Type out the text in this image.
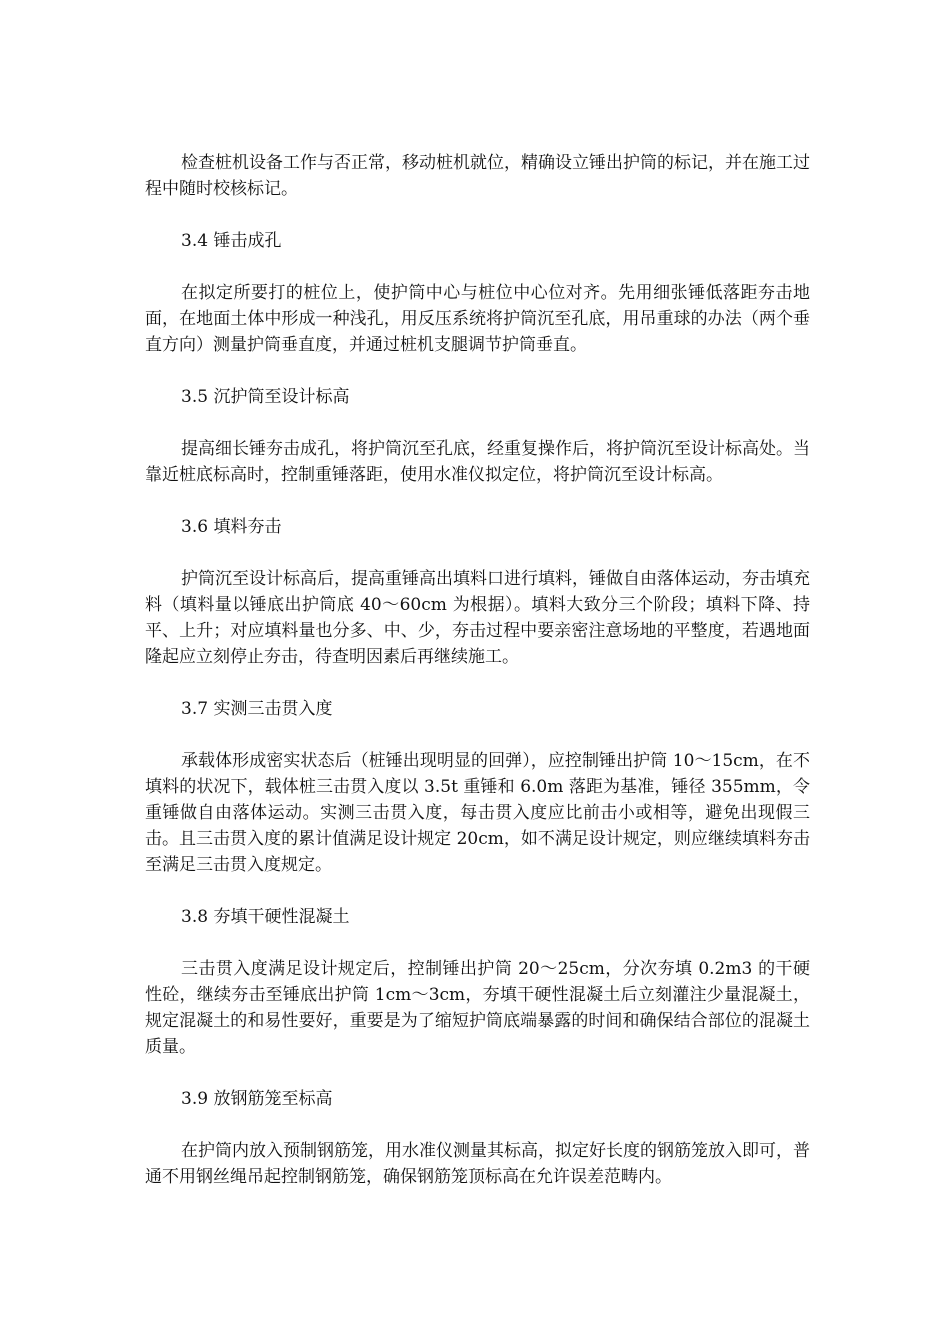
检查桩机设备工作与否正常，移动桩机就位，精确设立锤出护筒的标记，并在施工过程中随时校核标记。

3.4 锤击成孔

在拟定所要打的桩位上，使护筒中心与桩位中心位对齐。先用细张锤低落距夯击地面，在地面土体中形成一种浅孔，用反压系统将护筒沉至孔底，用吊重球的办法（两个垂直方向）测量护筒垂直度，并通过桩机支腿调节护筒垂直。

3.5 沉护筒至设计标高

提高细长锤夯击成孔，将护筒沉至孔底，经重复操作后，将护筒沉至设计标高处。当靠近桩底标高时，控制重锤落距，使用水准仪拟定位，将护筒沉至设计标高。

3.6 填料夯击

护筒沉至设计标高后，提高重锤高出填料口进行填料，锤做自由落体运动，夯击填充料（填料量以锤底出护筒底 40～60cm 为根据）。填料大致分三个阶段；填料下降、持平、上升；对应填料量也分多、中、少，夯击过程中要亲密注意场地的平整度，若遇地面隆起应立刻停止夯击，待查明因素后再继续施工。

3.7 实测三击贯入度

承载体形成密实状态后（桩锤出现明显的回弹），应控制锤出护筒 10～15cm，在不填料的状况下，载体桩三击贯入度以 3.5t 重锤和 6.0m 落距为基准，锤径 355mm，令重锤做自由落体运动。实测三击贯入度，每击贯入度应比前击小或相等，避免出现假三击。且三击贯入度的累计值满足设计规定 20cm，如不满足设计规定，则应继续填料夯击至满足三击贯入度规定。

3.8 夯填干硬性混凝土

三击贯入度满足设计规定后，控制锤出护筒 20～25cm，分次夯填 0.2m3 的干硬性砼，继续夯击至锤底出护筒 1cm～3cm，夯填干硬性混凝土后立刻灌注少量混凝土，规定混凝土的和易性要好，重要是为了缩短护筒底端暴露的时间和确保结合部位的混凝土质量。

3.9 放钢筋笼至标高

在护筒内放入预制钢筋笼，用水准仪测量其标高，拟定好长度的钢筋笼放入即可，普通不用钢丝绳吊起控制钢筋笼，确保钢筋笼顶标高在允许误差范畴内。
